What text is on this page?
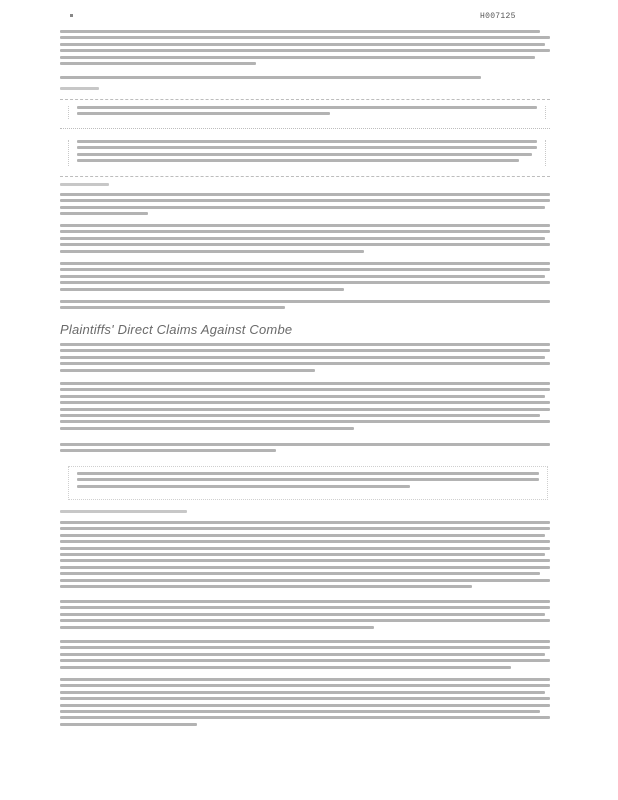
H007125
Plaintiffs' Direct Claims Against Combe
